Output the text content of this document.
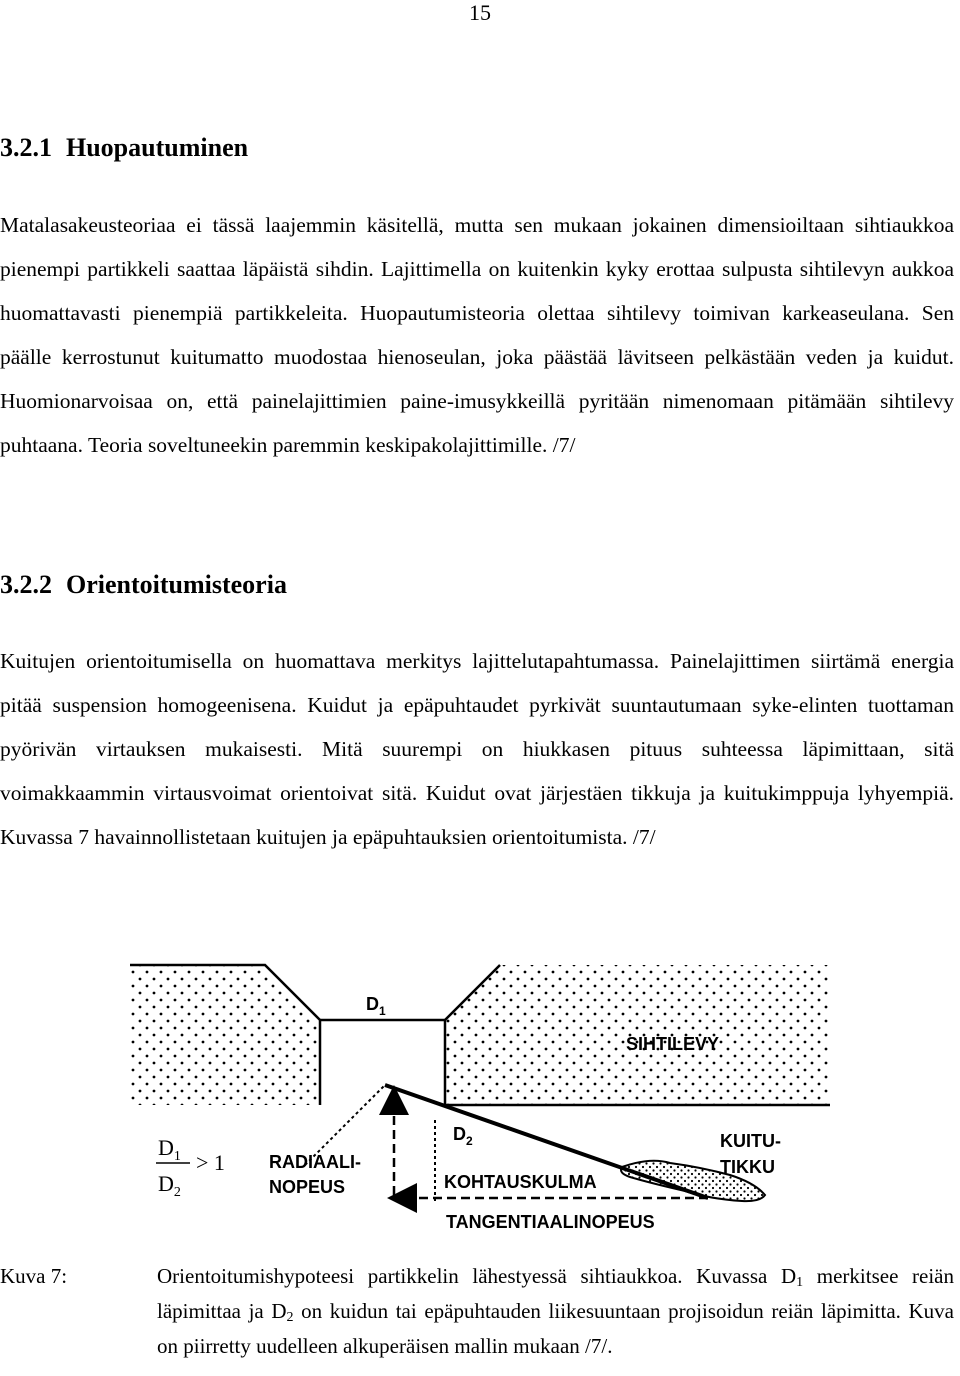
15
3.2.1 Huopautuminen

Matalasakeusteoriaa ei tässä laajemmin käsitellä, mutta sen mukaan jokainen dimensioiltaan sihtiaukkoa pienempi partikkeli saattaa läpäistä sihdin. Lajittimella on kuitenkin kyky erottaa sulpusta sihtilevyn aukkoa huomattavasti pienempiä partikkeleita. Huopautumisteoria olettaa sihtilevy toimivan karkeaseulana. Sen päälle kerrostunut kuitumatto muodostaa hienoseulan, joka päästää lävitseen pelkästään veden ja kuidut. Huomionarvoisaa on, että painelajittimien paine-imusykkeillä pyritään nimenomaan pitämään sihtilevy puhtaana. Teoria soveltuneekin paremmin keskipakolajittimille. /7/

3.2.2 Orientoitumisteoria

Kuitujen orientoitumisella on huomattava merkitys lajittelutapahtumassa. Painelajittimen siirtämä energia pitää suspension homogeenisena. Kuidut ja epäpuhtaudet pyrkivät suuntautumaan syke-elinten tuottaman pyörivän virtauksen mukaisesti. Mitä suurempi on hiukkasen pituus suhteessa läpimittaan, sitä voimakkaammin virtausvoimat orientoivat sitä. Kuidut ovat järjestäen tikkuja ja kuitukimppuja lyhyempiä. Kuvassa 7 havainnollistetaan kuitujen ja epäpuhtauksien orientoitumista. /7/

$D_1$
SIHTILEVY
$D_2$	KUITU-
TIKKU
RADIAALI-
NOPEUS	KOHTAUSKULMA
TANGENTIAALINOPEUS
$D_1$
$D_2$
> 1
Kuva 7:	Orientoitumishypoteesi partikkelin lähestyessä sihtiaukkoa. Kuvassa $D_1$ merkitsee reiän läpimittaa ja $D_2$ on kuidun tai epäpuhtauden liikesuuntaan projisoidun reiän läpimitta. Kuva on piirretty uudelleen alkuperäisen mallin mukaan /7/.
